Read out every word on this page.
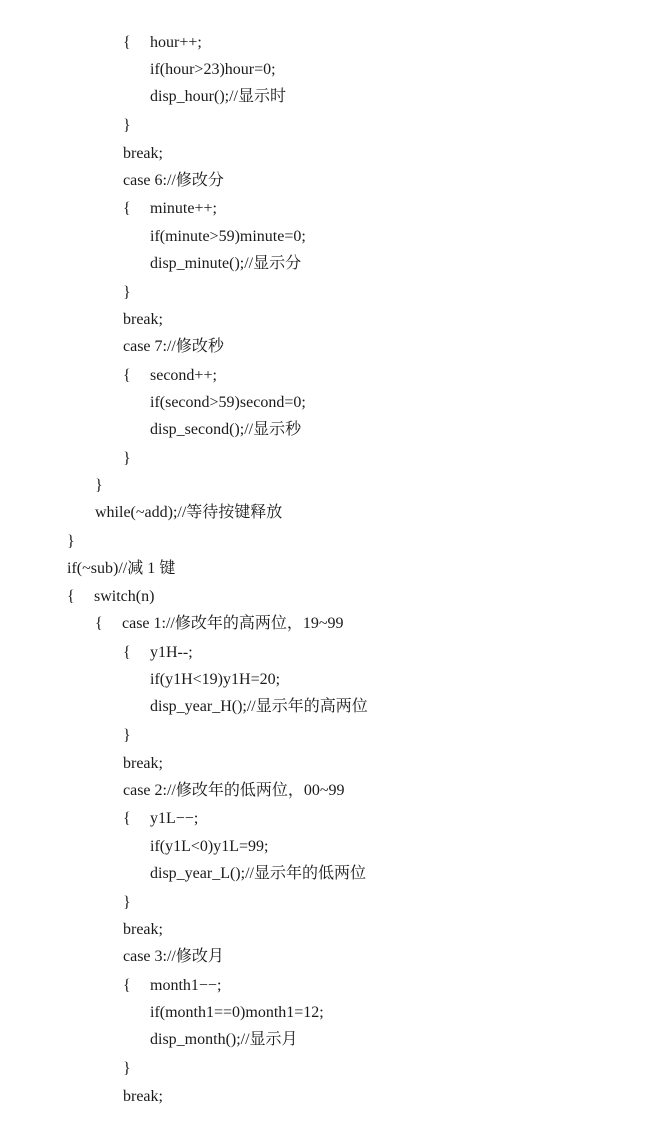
{ hour++;
if(hour>23)hour=0;
disp_hour();//显示时
}
break;
case 6://修改分
{ minute++;
if(minute>59)minute=0;
disp_minute();//显示分
}
break;
case 7://修改秒
{ second++;
if(second>59)second=0;
disp_second();//显示秒
}
}
while(~add);//等待按键释放
}
if(~sub)//减 1 键
{ switch(n)
{ case 1://修改年的高两位，19~99
{ y1H--;
if(y1H<19)y1H=20;
disp_year_H();//显示年的高两位
}
break;
case 2://修改年的低两位，00~99
{ y1L−−;
if(y1L<0)y1L=99;
disp_year_L();//显示年的低两位
}
break;
case 3://修改月
{ month1−−;
if(month1==0)month1=12;
disp_month();//显示月
}
break;
